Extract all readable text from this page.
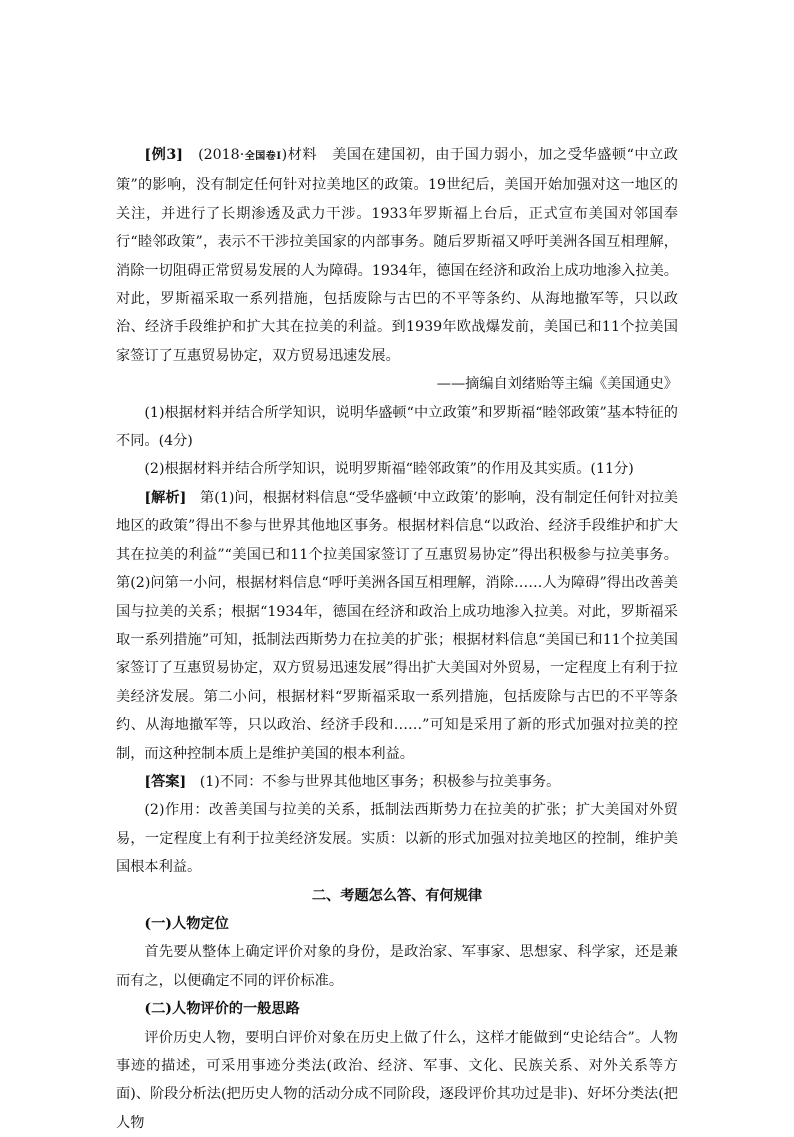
[例3] (2018·全国卷Ⅰ)材料 美国在建国初，由于国力弱小，加之受华盛顿“中立政策”的影响，没有制定任何针对拉美地区的政策。19世纪后，美国开始加强对这一地区的关注，并进行了长期渗透及武力干涉。1933年罗斯福上台后，正式宣布美国对邻国奉行“睦邻政策”，表示不干涉拉美国家的内部事务。随后罗斯福又呼吁美洲各国互相理解，消除一切阻碍正常贸易发展的人为障碍。1934年，德国在经济和政治上成功地渗入拉美。对此，罗斯福采取一系列措施，包括废除与古巴的不平等条约、从海地撤军等，只以政治、经济手段维护和扩大其在拉美的利益。到1939年欧战爆发前，美国已和11个拉美国家签订了互惠贸易协定，双方贸易迅速发展。

——摘编自刘绪贻等主编《美国通史》

(1)根据材料并结合所学知识，说明华盛顿“中立政策”和罗斯福“睦邻政策”基本特征的不同。(4分)

(2)根据材料并结合所学知识，说明罗斯福“睦邻政策”的作用及其实质。(11分)

[解析] 第(1)问，根据材料信息“受华盛顿‘中立政策’的影响，没有制定任何针对拉美地区的政策”得出不参与世界其他地区事务。根据材料信息“以政治、经济手段维护和扩大其在拉美的利益”“美国已和11个拉美国家签订了互惠贸易协定”得出积极参与拉美事务。第(2)问第一小问，根据材料信息“呼吁美洲各国互相理解，消除……人为障碍”得出改善美国与拉美的关系；根据“1934年，德国在经济和政治上成功地渗入拉美。对此，罗斯福采取一系列措施”可知，抵制法西斯势力在拉美的扩张；根据材料信息“美国已和11个拉美国家签订了互惠贸易协定，双方贸易迅速发展”得出扩大美国对外贸易，一定程度上有利于拉美经济发展。第二小问，根据材料“罗斯福采取一系列措施，包括废除与古巴的不平等条约、从海地撤军等，只以政治、经济手段和……”可知是采用了新的形式加强对拉美的控制，而这种控制本质上是维护美国的根本利益。

[答案] (1)不同：不参与世界其他地区事务；积极参与拉美事务。

(2)作用：改善美国与拉美的关系，抵制法西斯势力在拉美的扩张；扩大美国对外贸易，一定程度上有利于拉美经济发展。实质：以新的形式加强对拉美地区的控制，维护美国根本利益。

二、考题怎么答、有何规律

(一)人物定位

首先要从整体上确定评价对象的身份，是政治家、军事家、思想家、科学家，还是兼而有之，以便确定不同的评价标准。

(二)人物评价的一般思路

评价历史人物，要明白评价对象在历史上做了什么，这样才能做到“史论结合”。人物事迹的描述，可采用事迹分类法(政治、经济、军事、文化、民族关系、对外关系等方面)、阶段分析法(把历史人物的活动分成不同阶段，逐段评价其功过是非)、好坏分类法(把人物
